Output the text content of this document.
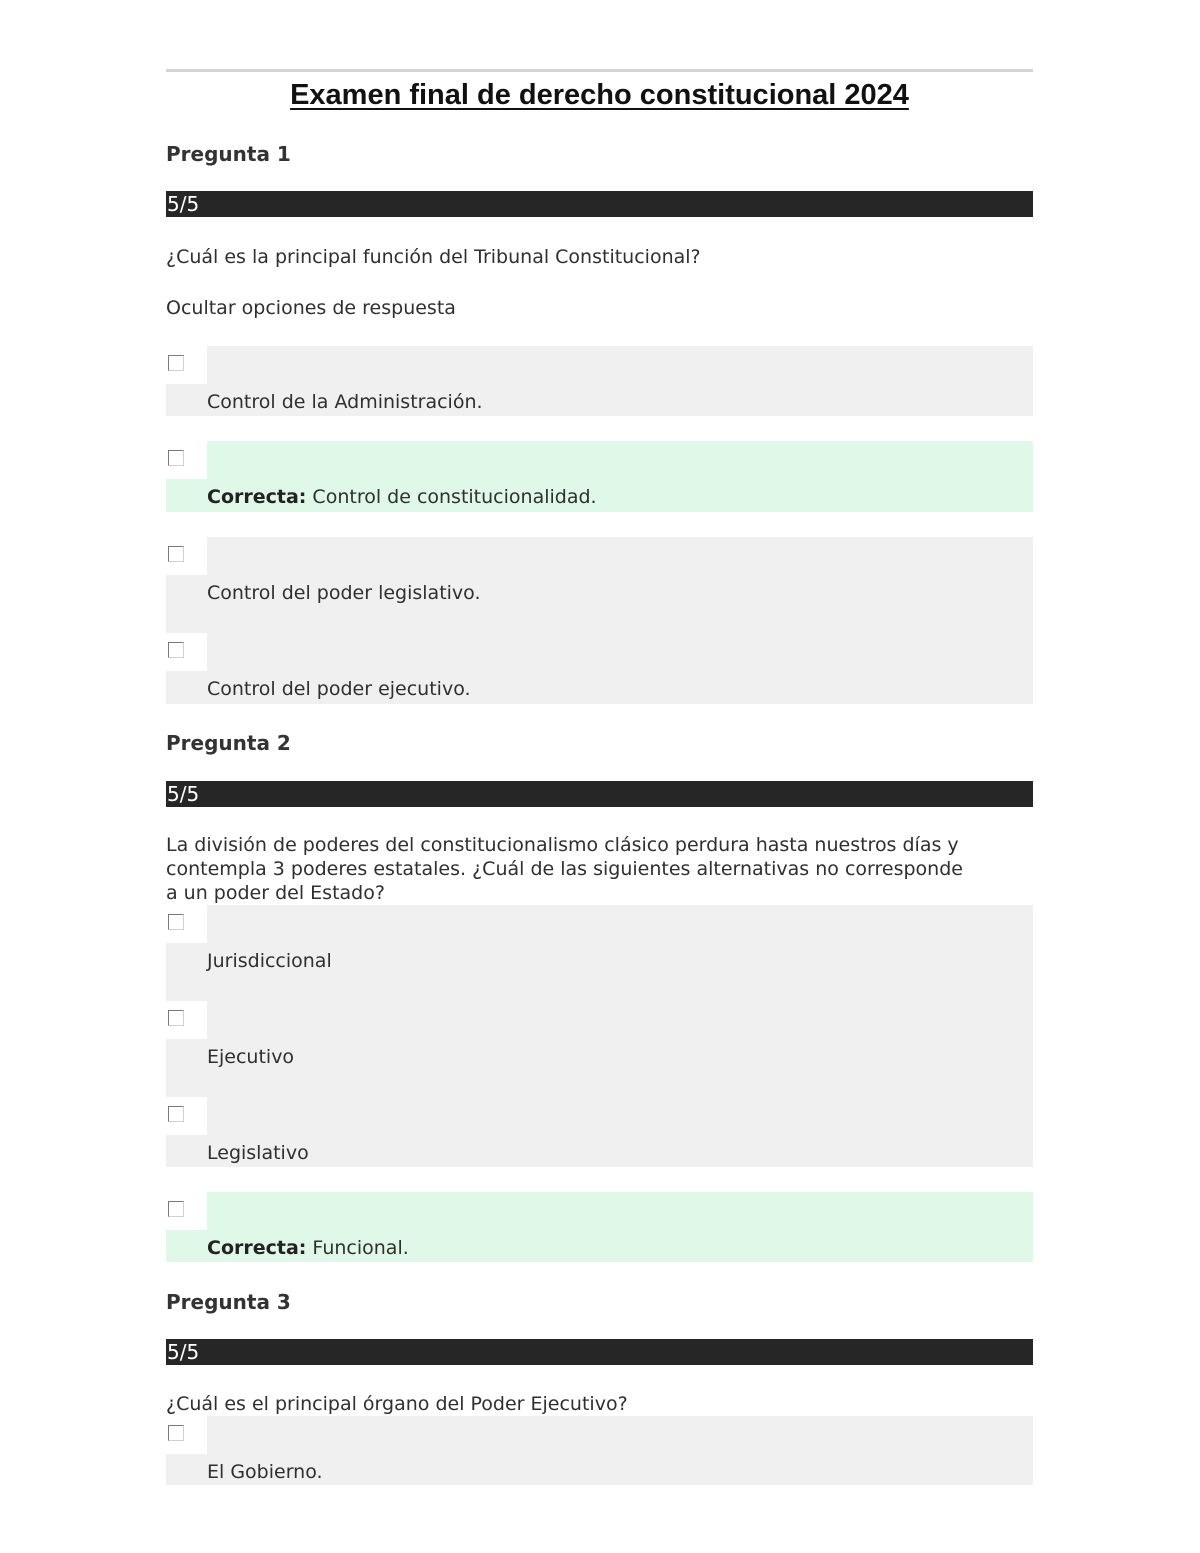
Examen final de derecho constitucional 2024
Pregunta 1
5/5
¿Cuál es la principal función del Tribunal Constitucional?
Ocultar opciones de respuesta
Control de la Administración.
Correcta: Control de constitucionalidad.
Control del poder legislativo.
Control del poder ejecutivo.
Pregunta 2
5/5
La división de poderes del constitucionalismo clásico perdura hasta nuestros días y
contempla 3 poderes estatales. ¿Cuál de las siguientes alternativas no corresponde
a un poder del Estado?
Jurisdiccional
Ejecutivo
Legislativo
Correcta: Funcional.
Pregunta 3
5/5
¿Cuál es el principal órgano del Poder Ejecutivo?
El Gobierno.
